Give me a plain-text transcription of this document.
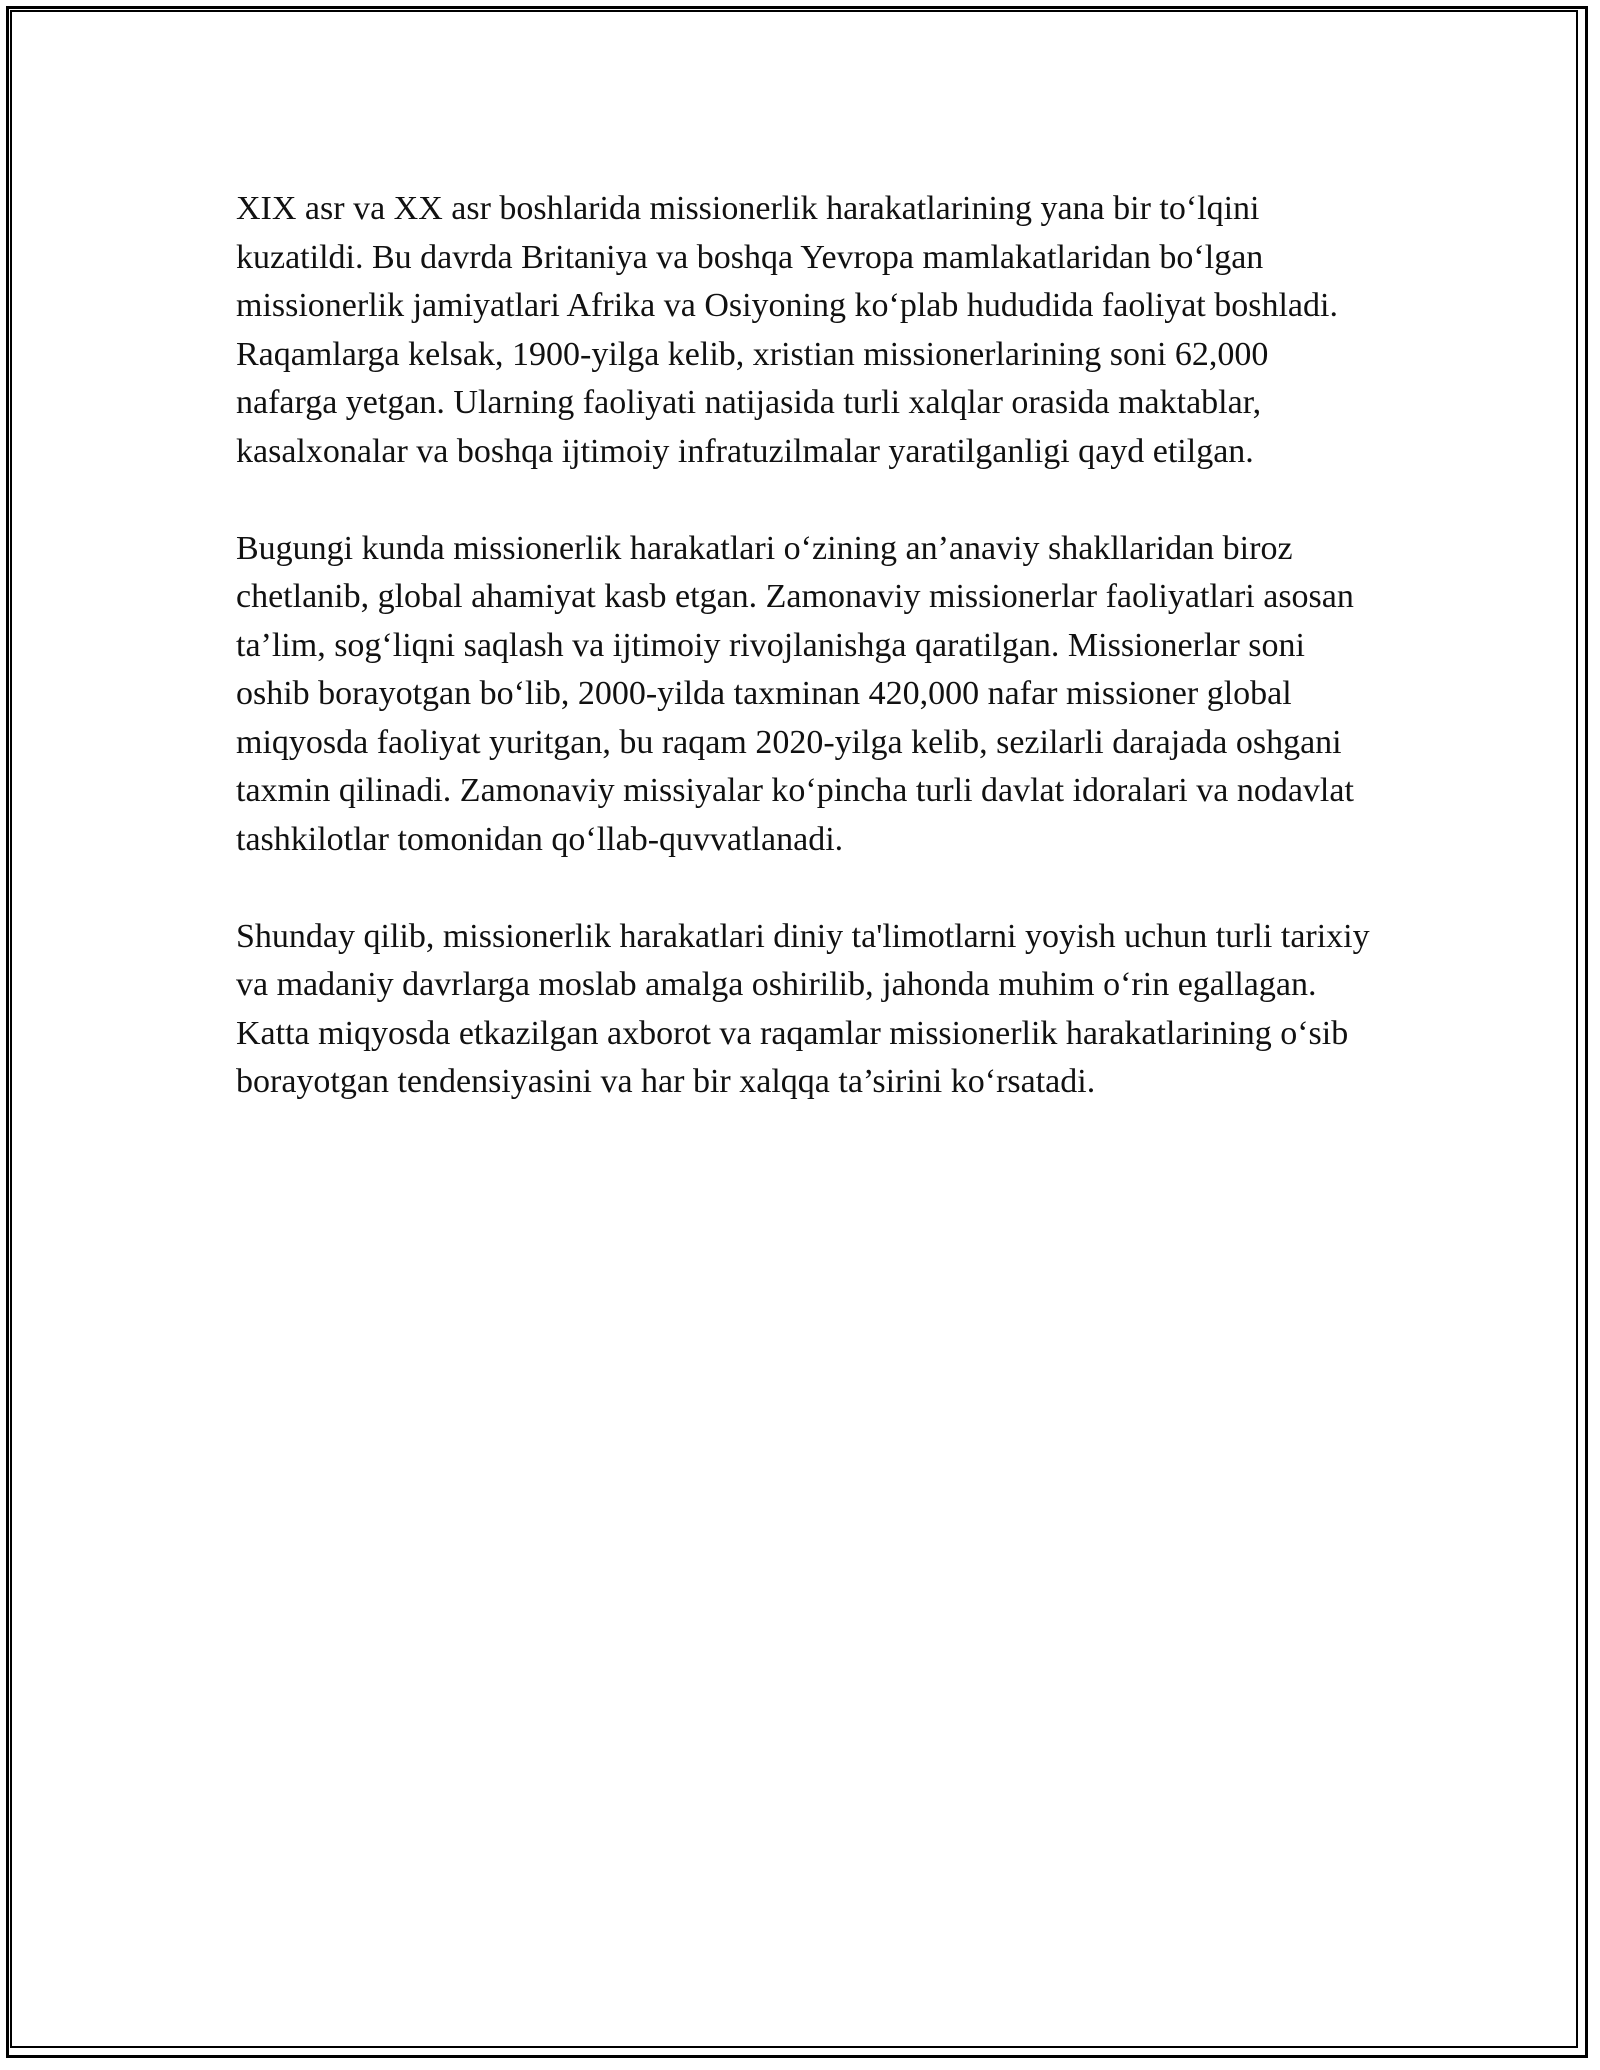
XIX asr va XX asr boshlarida missionerlik harakatlarining yana bir to‘lqini kuzatildi. Bu davrda Britaniya va boshqa Yevropa mamlakatlaridan bo‘lgan missionerlik jamiyatlari Afrika va Osiyoning ko‘plab hududida faoliyat boshladi. Raqamlarga kelsak, 1900-yilga kelib, xristian missionerlarining soni 62,000 nafarga yetgan. Ularning faoliyati natijasida turli xalqlar orasida maktablar, kasalxonalar va boshqa ijtimoiy infratuzilmalar yaratilganligi qayd etilgan.

Bugungi kunda missionerlik harakatlari o‘zining an’anaviy shakllaridan biroz chetlanib, global ahamiyat kasb etgan. Zamonaviy missionerlar faoliyatlari asosan ta’lim, sog‘liqni saqlash va ijtimoiy rivojlanishga qaratilgan. Missionerlar soni oshib borayotgan bo‘lib, 2000-yilda taxminan 420,000 nafar missioner global miqyosda faoliyat yuritgan, bu raqam 2020-yilga kelib, sezilarli darajada oshgani taxmin qilinadi. Zamonaviy missiyalar ko‘pincha turli davlat idoralari va nodavlat tashkilotlar tomonidan qo‘llab-quvvatlanadi.

Shunday qilib, missionerlik harakatlari diniy ta'limotlarni yoyish uchun turli tarixiy va madaniy davrlarga moslab amalga oshirilib, jahonda muhim o‘rin egallagan. Katta miqyosda etkazilgan axborot va raqamlar missionerlik harakatlarining o‘sib borayotgan tendensiyasini va har bir xalqqa ta’sirini ko‘rsatadi.
